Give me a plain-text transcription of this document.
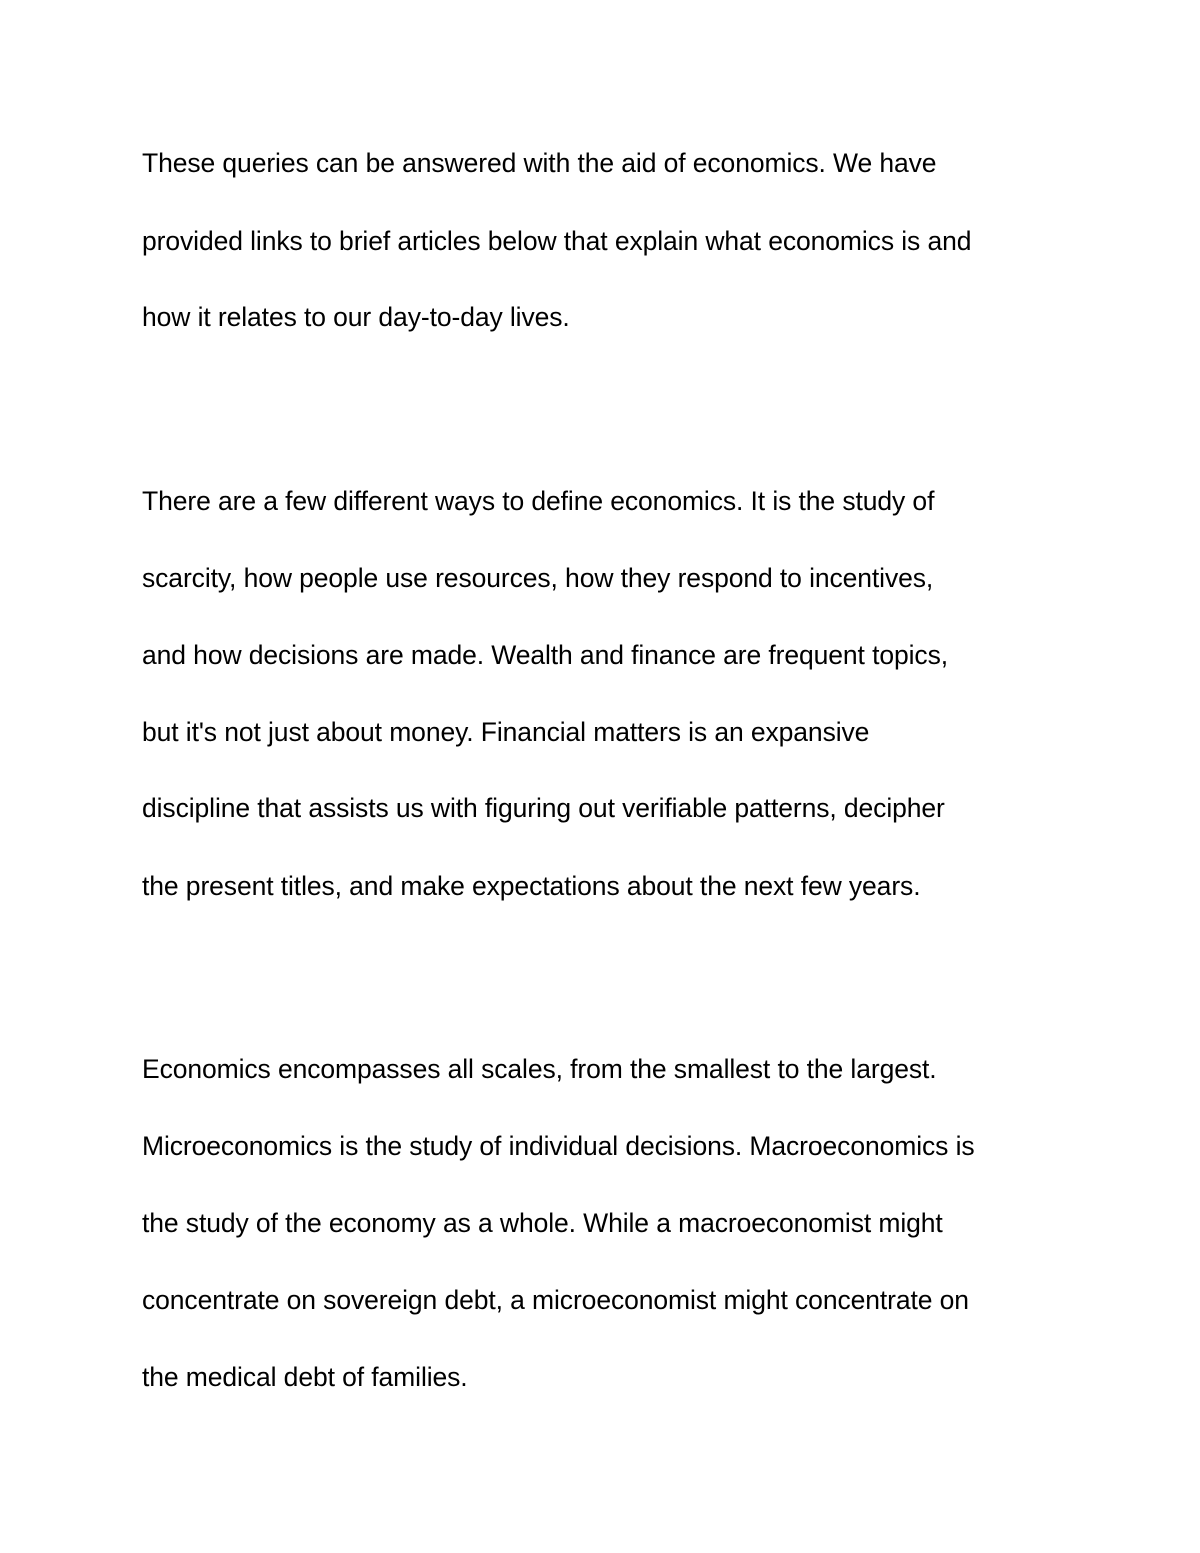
These queries can be answered with the aid of economics. We have
provided links to brief articles below that explain what economics is and
how it relates to our day-to-day lives.
There are a few different ways to define economics. It is the study of
scarcity, how people use resources, how they respond to incentives,
and how decisions are made. Wealth and finance are frequent topics,
but it's not just about money. Financial matters is an expansive
discipline that assists us with figuring out verifiable patterns, decipher
the present titles, and make expectations about the next few years.
Economics encompasses all scales, from the smallest to the largest.
Microeconomics is the study of individual decisions. Macroeconomics is
the study of the economy as a whole. While a macroeconomist might
concentrate on sovereign debt, a microeconomist might concentrate on
the medical debt of families.
